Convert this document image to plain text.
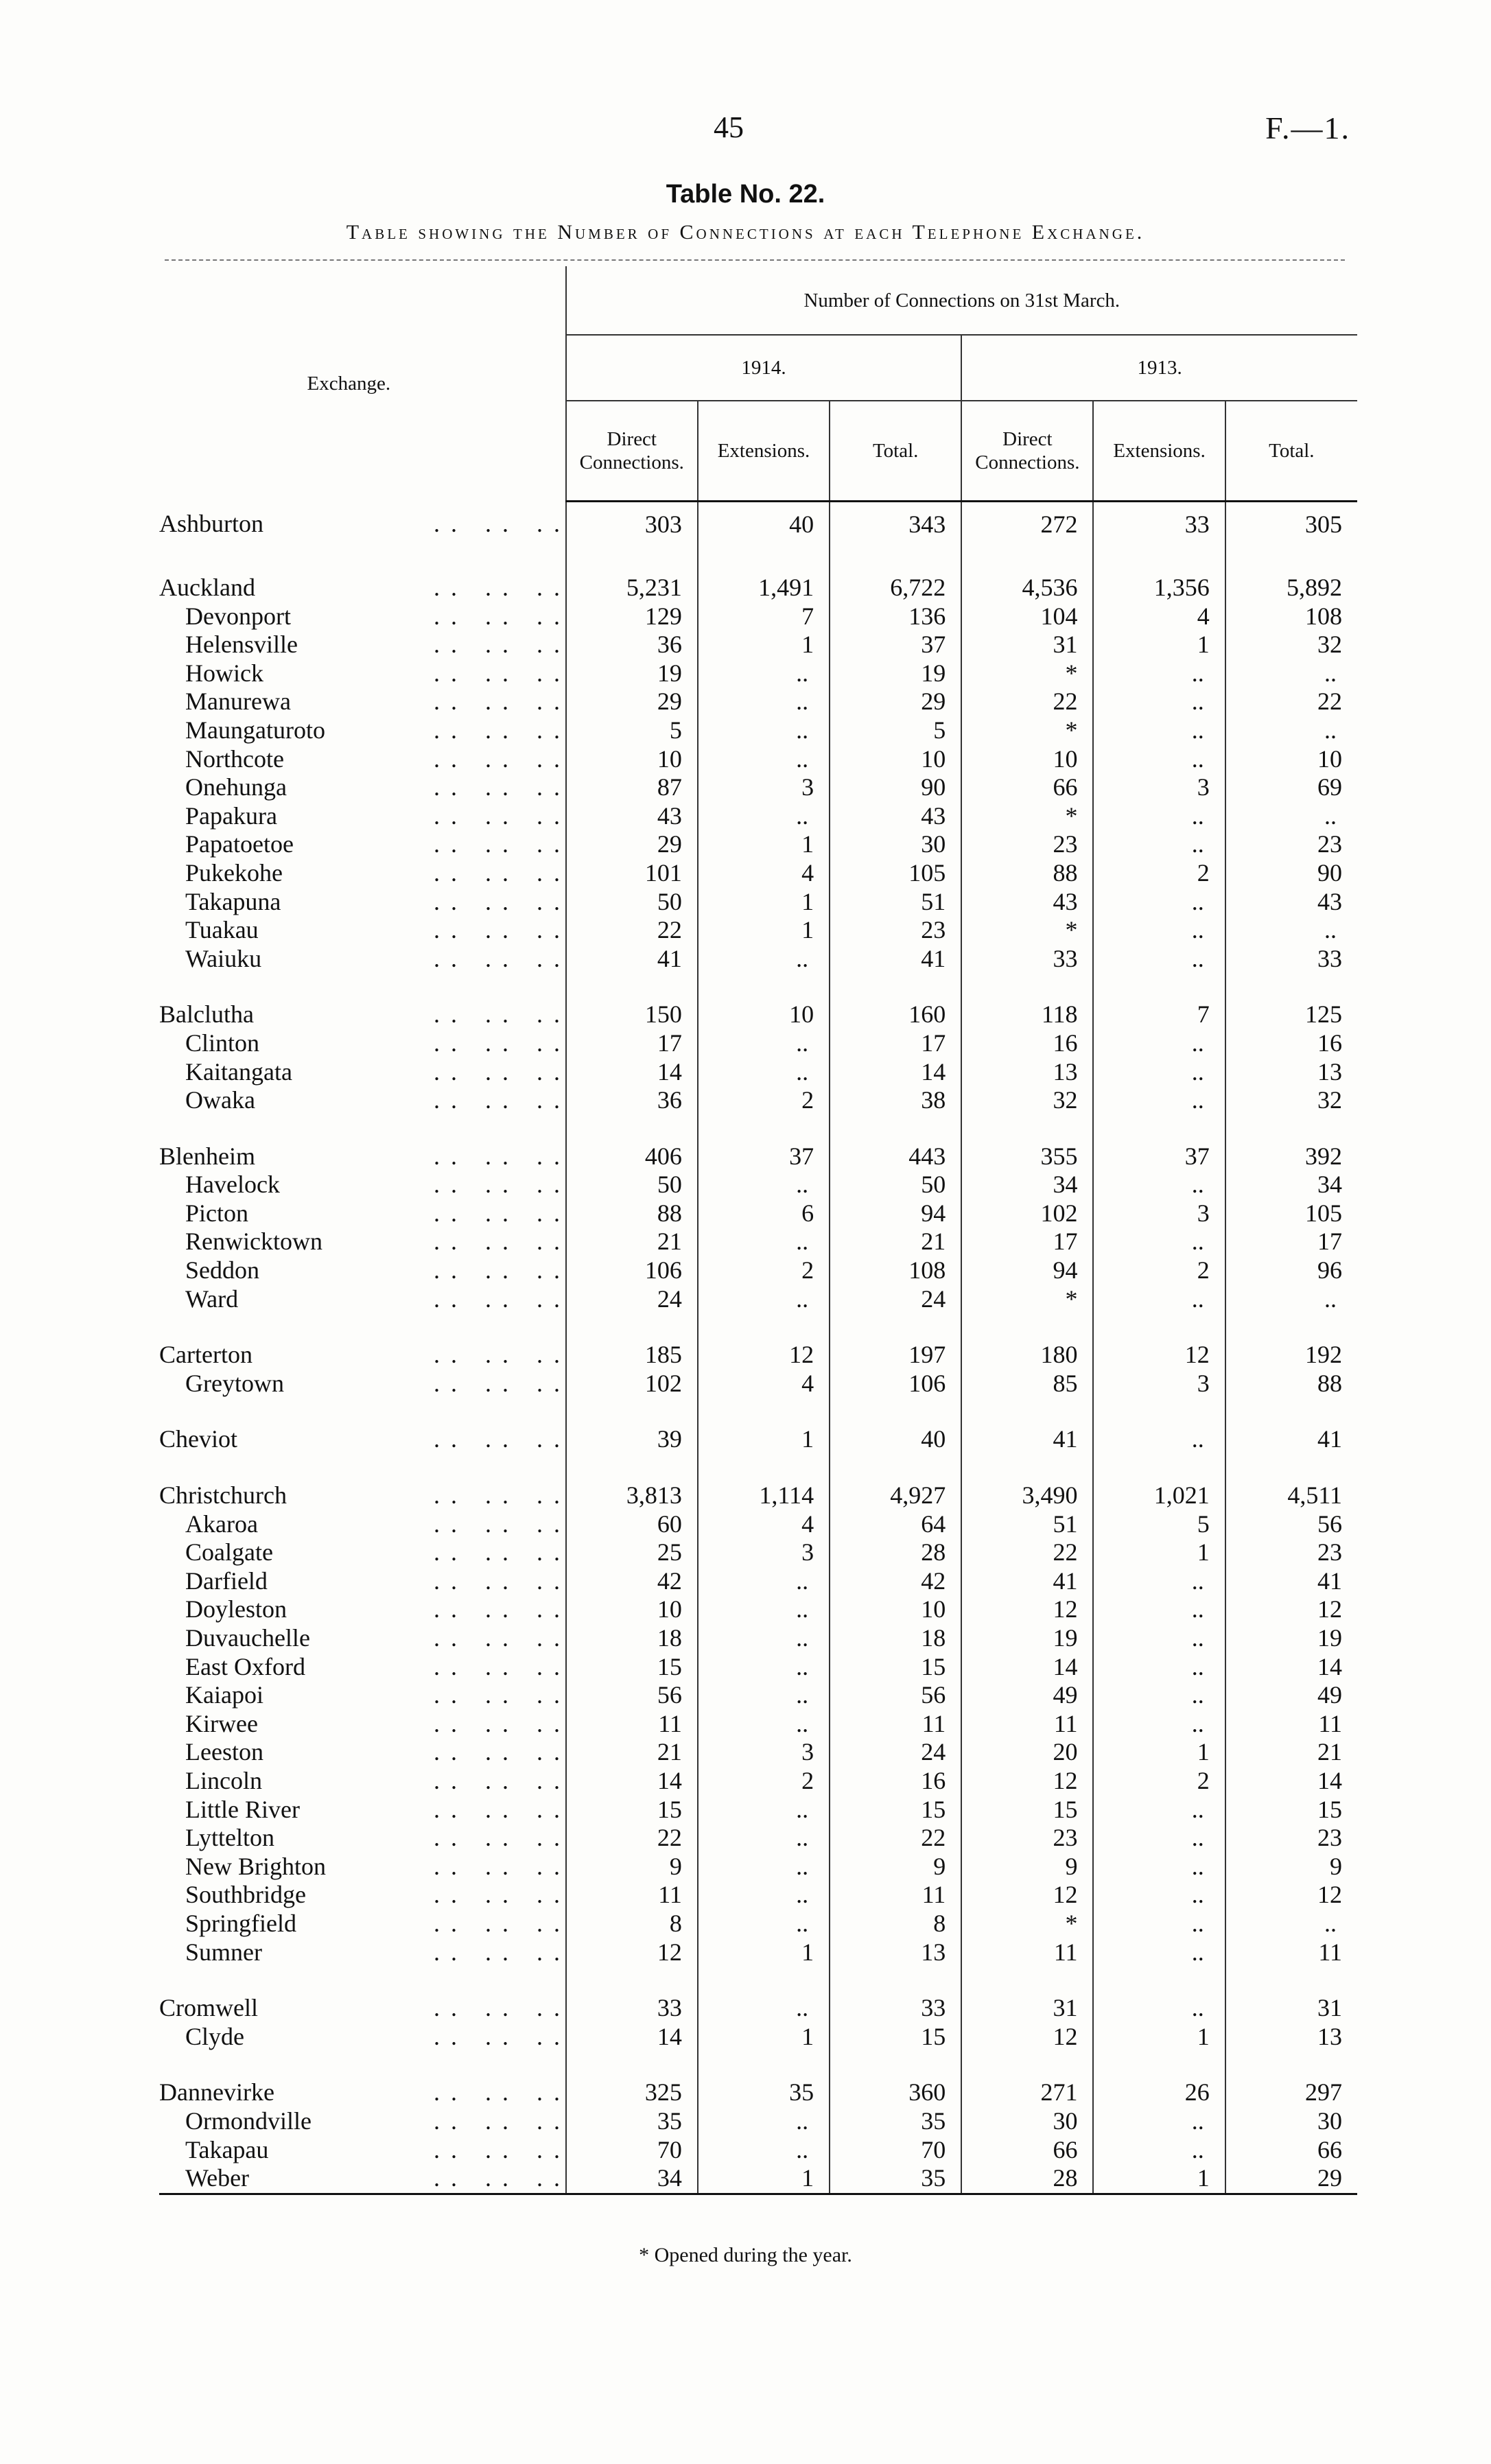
45	F.—1.
Table No. 22.
Table showing the Number of Connections at each Telephone Exchange.
Exchange.	Number of Connections on 31st March.					
	1914.			1913.		
	Direct Connections.	Extensions.	Total.	Direct Connections.	Extensions.	Total.
Ashburton .. .. ..	303	40	343	272	33	305

Auckland .. .. ..	5,231	1,491	6,722	4,536	1,356	5,892
Devonport .. .. ..	129	7	136	104	4	108
Helensville .. .. ..	36	1	37	31	1	32
Howick .. .. ..	19	..	19	*	..	..
Manurewa .. .. ..	29	..	29	22	..	22
Maungaturoto .. .. ..	5	..	5	*	..	..
Northcote .. .. ..	10	..	10	10	..	10
Onehunga .. .. ..	87	3	90	66	3	69
Papakura .. .. ..	43	..	43	*	..	..
Papatoetoe .. .. ..	29	1	30	23	..	23
Pukekohe .. .. ..	101	4	105	88	2	90
Takapuna .. .. ..	50	1	51	43	..	43
Tuakau .. .. ..	22	1	23	*	..	..
Waiuku .. .. ..	41	..	41	33	..	33

Balclutha .. .. ..	150	10	160	118	7	125
Clinton .. .. ..	17	..	17	16	..	16
Kaitangata .. .. ..	14	..	14	13	..	13
Owaka .. .. ..	36	2	38	32	..	32

Blenheim .. .. ..	406	37	443	355	37	392
Havelock .. .. ..	50	..	50	34	..	34
Picton .. .. ..	88	6	94	102	3	105
Renwicktown .. .. ..	21	..	21	17	..	17
Seddon .. .. ..	106	2	108	94	2	96
Ward .. .. ..	24	..	24	*	..	..

Carterton .. .. ..	185	12	197	180	12	192
Greytown .. .. ..	102	4	106	85	3	88

Cheviot .. .. ..	39	1	40	41	..	41

Christchurch .. .. ..	3,813	1,114	4,927	3,490	1,021	4,511
Akaroa .. .. ..	60	4	64	51	5	56
Coalgate .. .. ..	25	3	28	22	1	23
Darfield .. .. ..	42	..	42	41	..	41
Doyleston .. .. ..	10	..	10	12	..	12
Duvauchelle .. .. ..	18	..	18	19	..	19
East Oxford .. .. ..	15	..	15	14	..	14
Kaiapoi .. .. ..	56	..	56	49	..	49
Kirwee .. .. ..	11	..	11	11	..	11
Leeston .. .. ..	21	3	24	20	1	21
Lincoln .. .. ..	14	2	16	12	2	14
Little River .. .. ..	15	..	15	15	..	15
Lyttelton .. .. ..	22	..	22	23	..	23
New Brighton .. .. ..	9	..	9	9	..	9
Southbridge .. .. ..	11	..	11	12	..	12
Springfield .. .. ..	8	..	8	*	..	..
Sumner .. .. ..	12	1	13	11	..	11

Cromwell .. .. ..	33	..	33	31	..	31
Clyde .. .. ..	14	1	15	12	1	13

Dannevirke .. .. ..	325	35	360	271	26	297
Ormondville .. .. ..	35	..	35	30	..	30
Takapau .. .. ..	70	..	70	66	..	66
Weber .. .. ..	34	1	35	28	1	29
* Opened during the year.
